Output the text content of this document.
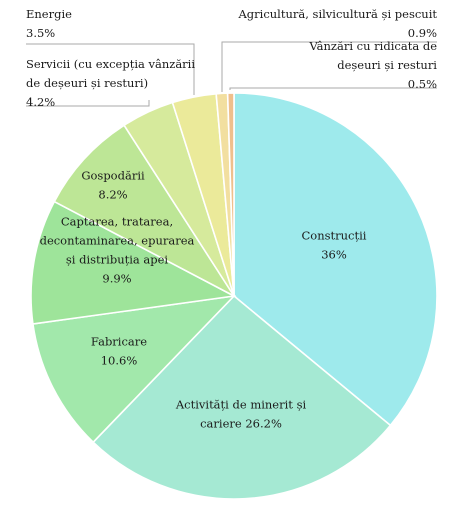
Construcții 36%
Activități de minerit și cariere 26.2%
Fabricare 10.6%
Captarea, tratarea, decontaminarea, epurarea și distribuția apei 9.9%
Gospodării 8.2%
Servicii (cu excepția vânzării de deșeuri și resturi) 4.2%
Energie 3.5%
Agricultură, silvicultură și pescuit 0.9%
Vânzări cu ridicata de deșeuri și resturi 0.5%
